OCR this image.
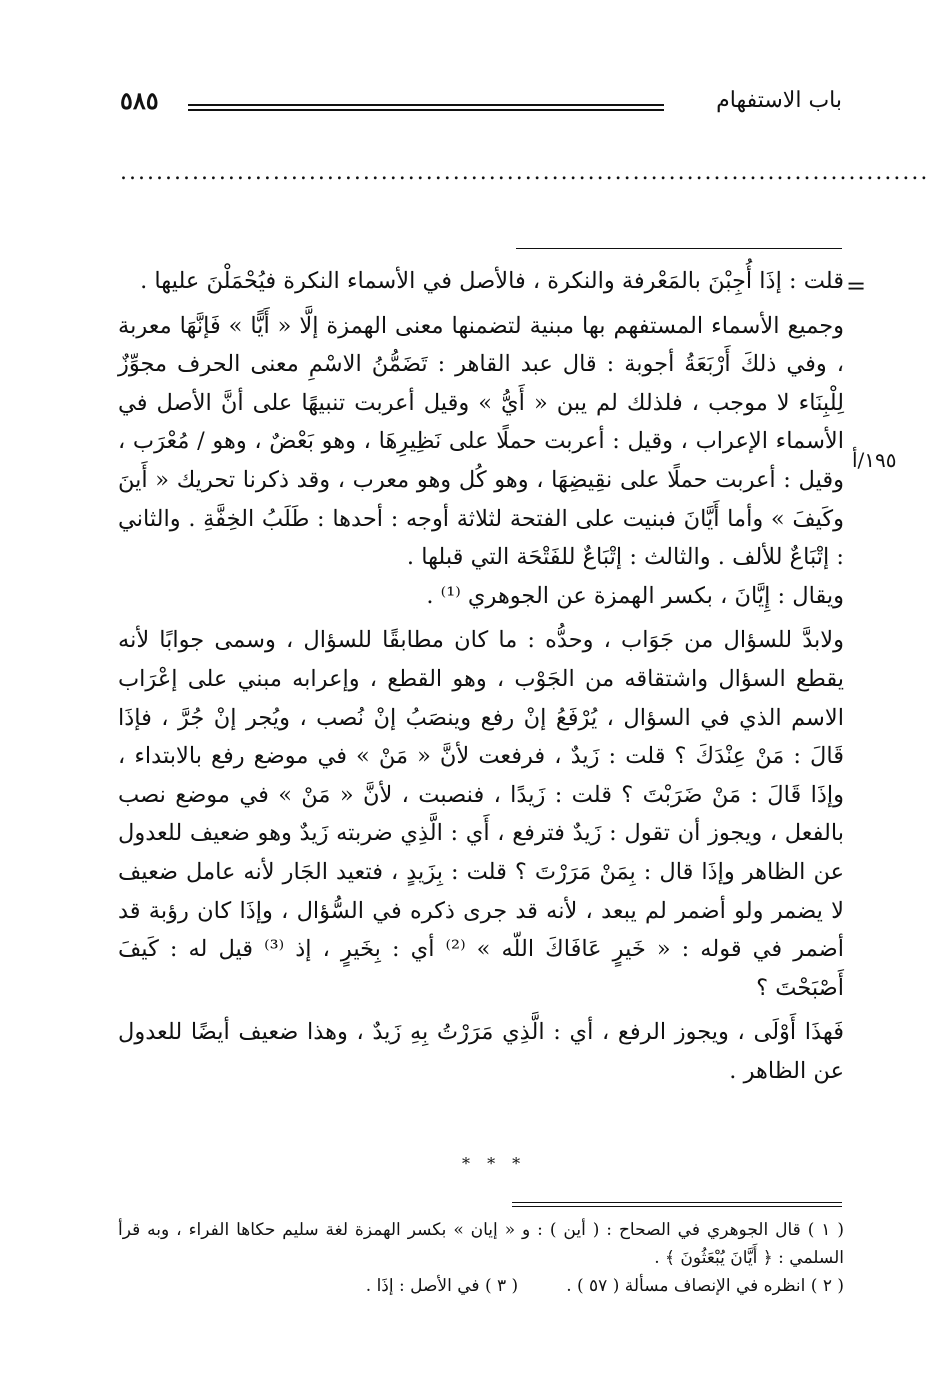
٥٨٥	باب الاستفهام
..........................................................................................
=
١٩٥/أ

قلت : إذَا أُجِبْنَ بالمَعْرفة والنكرة ، فالأصل في الأسماء النكرة فيُحْمَلْنَ عليها .

وجميع الأسماء المستفهم بها مبنية لتضمنها معنى الهمزة إلَّا « أَيًّا » فَإنَّهَا معربة ، وفي ذلكَ أَرْبَعَةُ أجوبة : قال عبد القاهر : تَضَمُّنُ الاسْمِ معنى الحرف مجوِّزٌ لِلْبِنَاء لا موجب ، فلذلك لم يبن « أَيُّ » وقيل أعربت تنبيهًا على أنَّ الأصل في الأسماء الإعراب ، وقيل : أعربت حملًا على نَظِيرِهَا ، وهو بَعْضٌ ، وهو / مُعْرَب ، وقيل : أعربت حملًا على نقِيضِهَا ، وهو كُل وهو معرب ، وقد ذكرنا تحريك « أَينَ وكَيفَ » وأما أَيَّانَ فبنيت على الفتحة لثلاثة أوجه : أحدها : طَلَبُ الخِفَّةِ . والثاني : إتْبَاعٌ للألف . والثالث : إتْبَاعٌ للفَتْحَة التي قبلها .

ويقال : إِيَّانَ ، بكسر الهمزة عن الجوهري ⁽¹⁾ .

ولابدَّ للسؤال من جَوَاب ، وحدُّه : ما كان مطابقًا للسؤال ، وسمى جوابًا لأنه يقطع السؤال واشتقاقه من الجَوْب ، وهو القطع ، وإعرابه مبني على إعْرَاب الاسم الذي في السؤال ، يُرْفَعُ إنْ رفع وينصَبُ إنْ نُصب ، ويُجر إنْ جُرَّ ، فإذَا قَالَ : مَنْ عِنْدَكَ ؟ قلت : زَيدٌ ، فرفعت لأنَّ « مَنْ » في موضع رفع بالابتداء ، وإذَا قَالَ : مَنْ ضَرَبْتَ ؟ قلت : زَيدًا ، فنصبت ، لأنَّ « مَنْ » في موضع نصب بالفعل ، ويجوز أن تقول : زَيدٌ فترفع ، أَي : الَّذِي ضربته زَيدٌ وهو ضعيف للعدول عن الظاهر وإذَا قال : بِمَنْ مَرَرْتَ ؟ قلت : بِزَيدٍ ، فتعيد الجَار لأنه عامل ضعيف لا يضمر ولو أضمر لم يبعد ، لأنه قد جرى ذكره في السُّؤال ، وإذَا كان رؤبة قد أضمر في قوله : « خَيرٍ عَافَاكَ اللّه » ⁽²⁾ أي : بِخَيرٍ ، إذ ⁽³⁾ قيل له : كَيفَ أَصْبَحْتَ ؟

فَهذَا أَوْلَى ، ويجوز الرفع ، أي : الَّذِي مَرَرْتُ بِهِ زَيدٌ ، وهذا ضعيف أيضًا للعدول عن الظاهر .

* * *

( ١ ) قال الجوهري في الصحاح : ( أين ) : و « إيان » بكسر الهمزة لغة سليم حكاها الفراء ، وبه قرأ السلمي : ﴿ أَيَّانَ يُبْعَثُونَ ﴾ .

( ٢ ) انظره في الإنصاف مسألة ( ٥٧ ) .
( ٣ ) في الأصل : إذَا .
